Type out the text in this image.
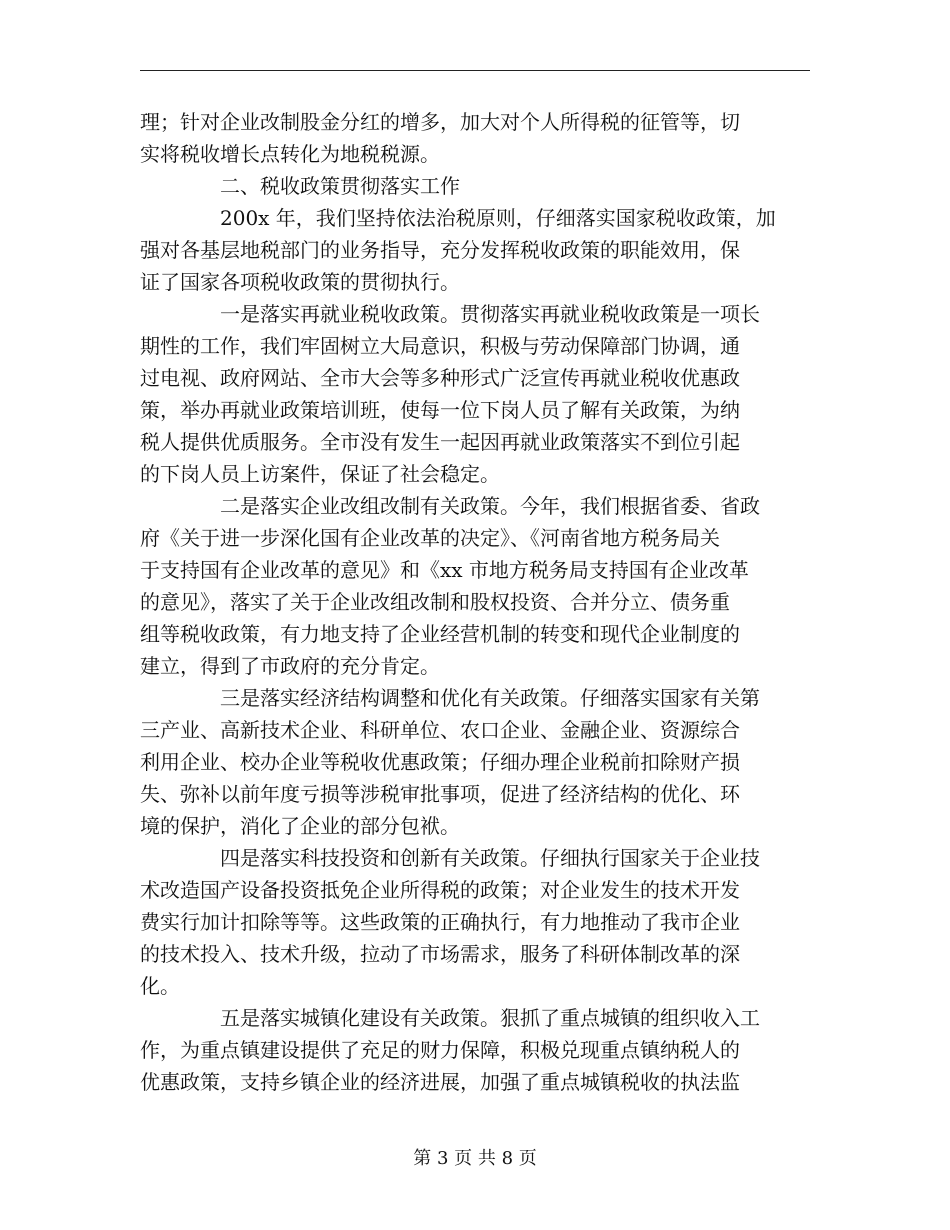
理；针对企业改制股金分红的增多，加大对个人所得税的征管等，切
实将税收增长点转化为地税税源。
二、税收政策贯彻落实工作
200x 年，我们坚持依法治税原则，仔细落实国家税收政策，加
强对各基层地税部门的业务指导，充分发挥税收政策的职能效用，保
证了国家各项税收政策的贯彻执行。
一是落实再就业税收政策。贯彻落实再就业税收政策是一项长
期性的工作，我们牢固树立大局意识，积极与劳动保障部门协调，通
过电视、政府网站、全市大会等多种形式广泛宣传再就业税收优惠政
策，举办再就业政策培训班，使每一位下岗人员了解有关政策，为纳
税人提供优质服务。全市没有发生一起因再就业政策落实不到位引起
的下岗人员上访案件，保证了社会稳定。
二是落实企业改组改制有关政策。今年，我们根据省委、省政
府《关于进一步深化国有企业改革的决定》、《河南省地方税务局关
于支持国有企业改革的意见》和《xx 市地方税务局支持国有企业改革
的意见》，落实了关于企业改组改制和股权投资、合并分立、债务重
组等税收政策，有力地支持了企业经营机制的转变和现代企业制度的
建立，得到了市政府的充分肯定。
三是落实经济结构调整和优化有关政策。仔细落实国家有关第
三产业、高新技术企业、科研单位、农口企业、金融企业、资源综合
利用企业、校办企业等税收优惠政策；仔细办理企业税前扣除财产损
失、弥补以前年度亏损等涉税审批事项，促进了经济结构的优化、环
境的保护，消化了企业的部分包袱。
四是落实科技投资和创新有关政策。仔细执行国家关于企业技
术改造国产设备投资抵免企业所得税的政策；对企业发生的技术开发
费实行加计扣除等等。这些政策的正确执行，有力地推动了我市企业
的技术投入、技术升级，拉动了市场需求，服务了科研体制改革的深
化。
五是落实城镇化建设有关政策。狠抓了重点城镇的组织收入工
作，为重点镇建设提供了充足的财力保障，积极兑现重点镇纳税人的
优惠政策，支持乡镇企业的经济进展，加强了重点城镇税收的执法监
第 3 页 共 8 页
